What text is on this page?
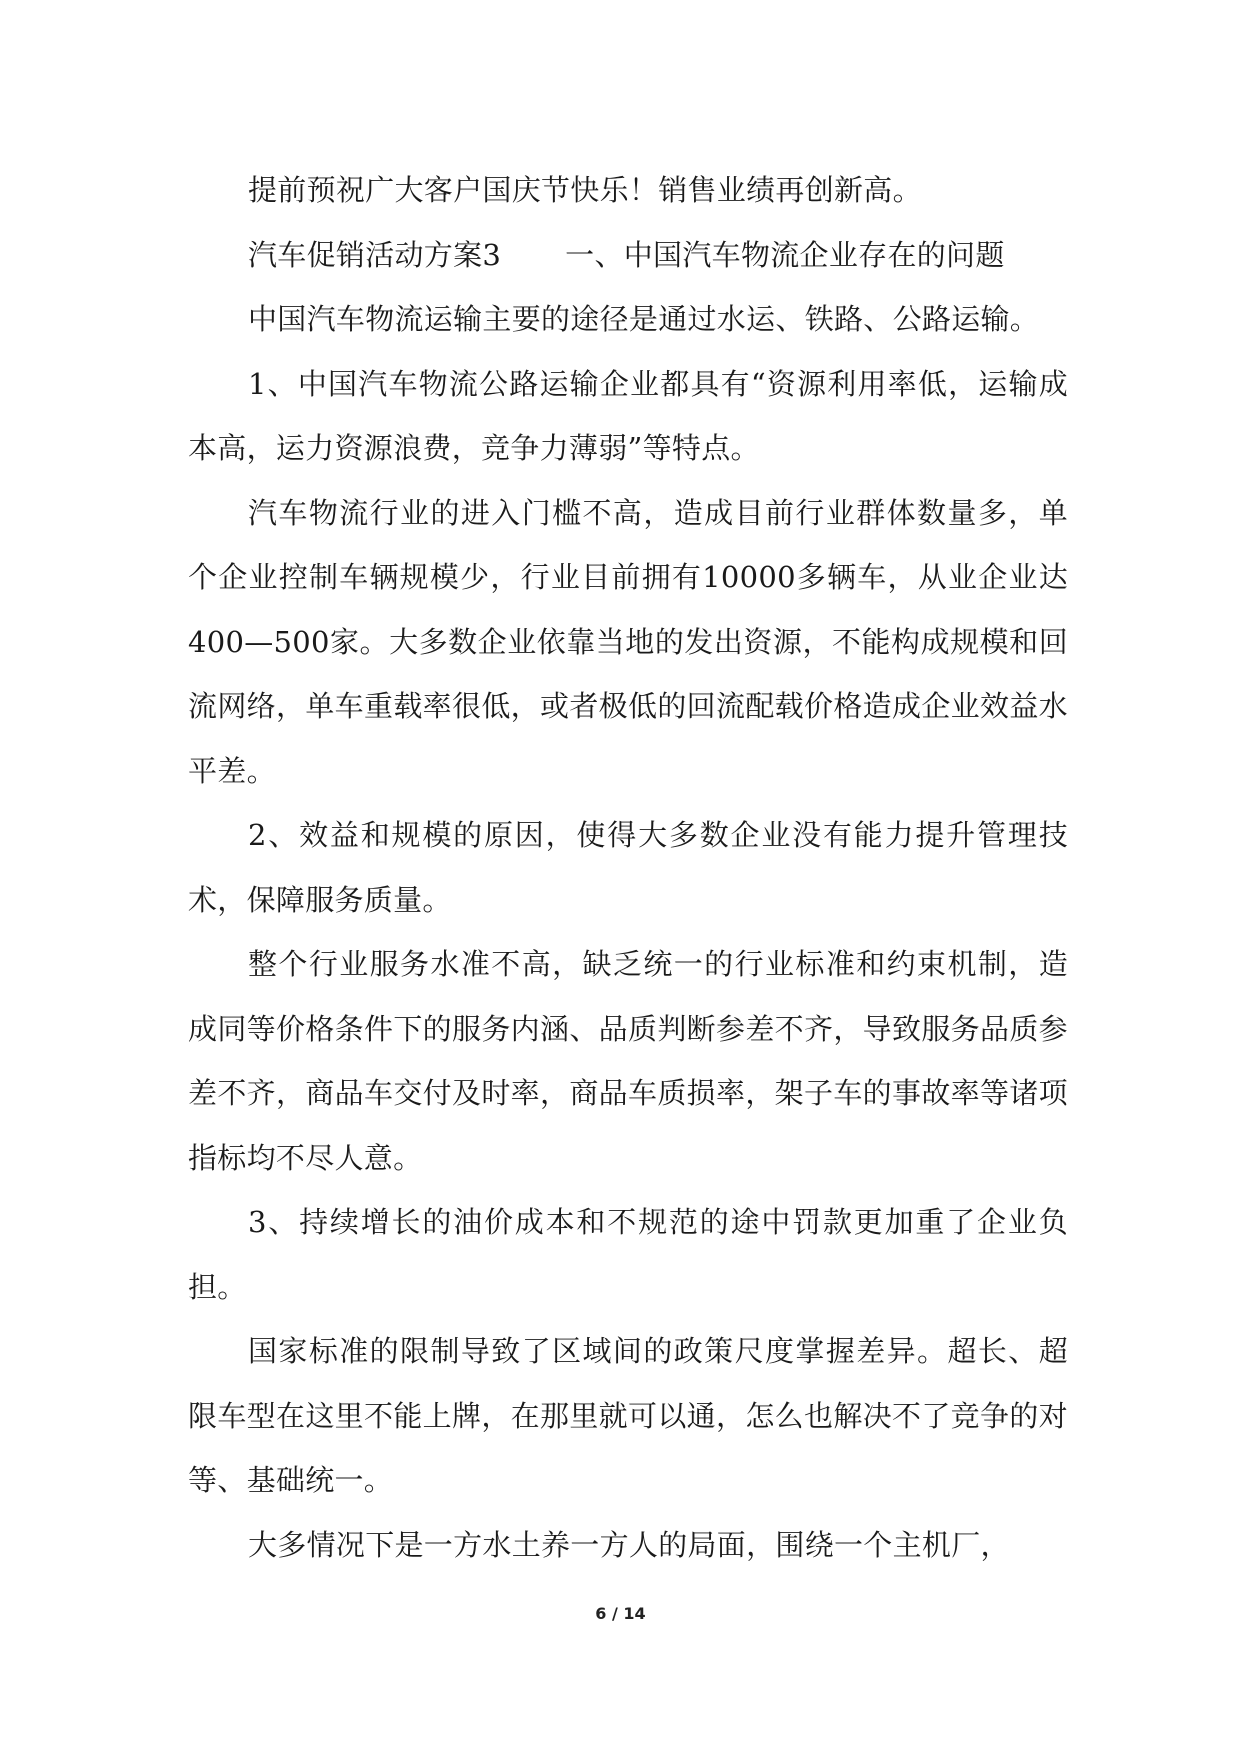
提前预祝广大客户国庆节快乐！销售业绩再创新高。

汽车促销活动方案3 一、中国汽车物流企业存在的问题

中国汽车物流运输主要的途径是通过水运、铁路、公路运输。

1、中国汽车物流公路运输企业都具有“资源利用率低，运输成本高，运力资源浪费，竞争力薄弱”等特点。

汽车物流行业的进入门槛不高，造成目前行业群体数量多，单个企业控制车辆规模少，行业目前拥有10000多辆车，从业企业达400—500家。大多数企业依靠当地的发出资源，不能构成规模和回流网络，单车重载率很低，或者极低的回流配载价格造成企业效益水平差。

2、效益和规模的原因，使得大多数企业没有能力提升管理技术，保障服务质量。

整个行业服务水准不高，缺乏统一的行业标准和约束机制，造成同等价格条件下的服务内涵、品质判断参差不齐，导致服务品质参差不齐，商品车交付及时率，商品车质损率，架子车的事故率等诸项指标均不尽人意。

3、持续增长的油价成本和不规范的途中罚款更加重了企业负担。

国家标准的限制导致了区域间的政策尺度掌握差异。超长、超限车型在这里不能上牌，在那里就可以通，怎么也解决不了竞争的对等、基础统一。

大多情况下是一方水土养一方人的局面，围绕一个主机厂，

6 / 14
